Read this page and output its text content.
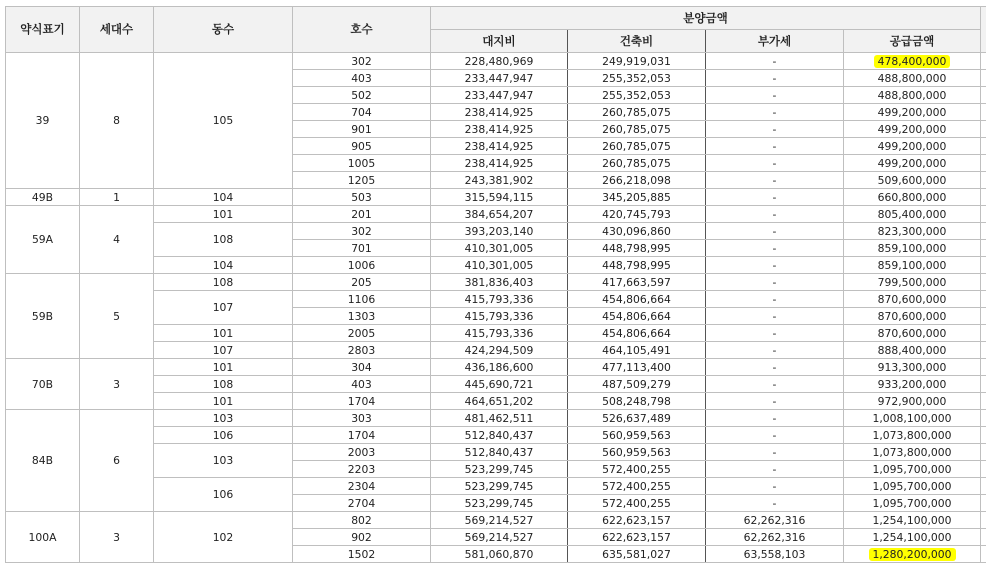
약식표기	세대수	동수	호수	분양금액				
				대지비	건축비	부가세	공급금액	
39	8	105	302	228,480,969	249,919,031	-	478,400,000	
			403	233,447,947	255,352,053	-	488,800,000	
			502	233,447,947	255,352,053	-	488,800,000	
			704	238,414,925	260,785,075	-	499,200,000	
			901	238,414,925	260,785,075	-	499,200,000	
			905	238,414,925	260,785,075	-	499,200,000	
			1005	238,414,925	260,785,075	-	499,200,000	
			1205	243,381,902	266,218,098	-	509,600,000	
49B	1	104	503	315,594,115	345,205,885	-	660,800,000	
59A	4	101	201	384,654,207	420,745,793	-	805,400,000	
		108	302	393,203,140	430,096,860	-	823,300,000	
			701	410,301,005	448,798,995	-	859,100,000	
		104	1006	410,301,005	448,798,995	-	859,100,000	
59B	5	108	205	381,836,403	417,663,597	-	799,500,000	
		107	1106	415,793,336	454,806,664	-	870,600,000	
			1303	415,793,336	454,806,664	-	870,600,000	
		101	2005	415,793,336	454,806,664	-	870,600,000	
		107	2803	424,294,509	464,105,491	-	888,400,000	
70B	3	101	304	436,186,600	477,113,400	-	913,300,000	
		108	403	445,690,721	487,509,279	-	933,200,000	
		101	1704	464,651,202	508,248,798	-	972,900,000	
84B	6	103	303	481,462,511	526,637,489	-	1,008,100,000	
		106	1704	512,840,437	560,959,563	-	1,073,800,000	
		103	2003	512,840,437	560,959,563	-	1,073,800,000	
			2203	523,299,745	572,400,255	-	1,095,700,000	
		106	2304	523,299,745	572,400,255	-	1,095,700,000	
			2704	523,299,745	572,400,255	-	1,095,700,000	
100A	3	102	802	569,214,527	622,623,157	62,262,316	1,254,100,000	
			902	569,214,527	622,623,157	62,262,316	1,254,100,000	
			1502	581,060,870	635,581,027	63,558,103	1,280,200,000	
